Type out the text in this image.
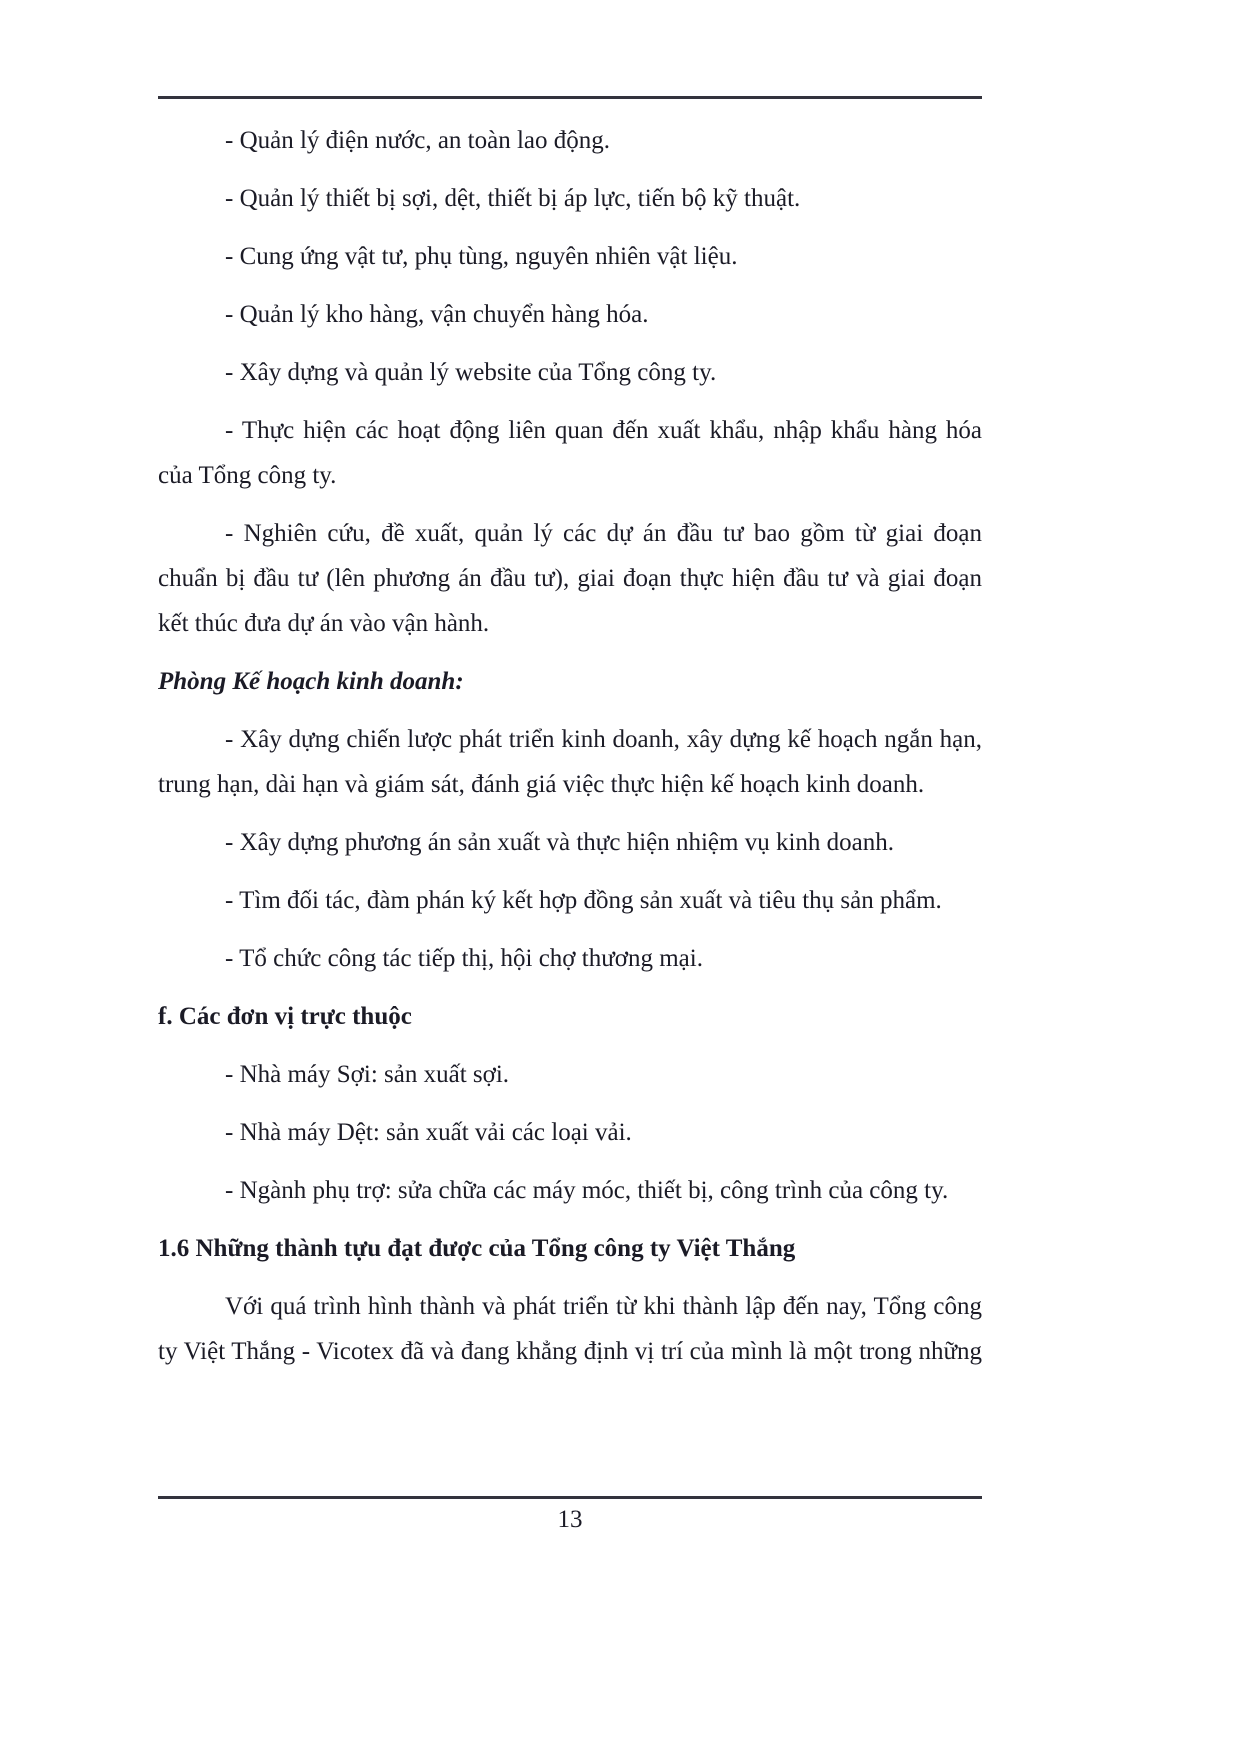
- Quản lý điện nước, an toàn lao động.

- Quản lý thiết bị sợi, dệt, thiết bị áp lực, tiến bộ kỹ thuật.

- Cung ứng vật tư, phụ tùng, nguyên nhiên vật liệu.

- Quản lý kho hàng, vận chuyển hàng hóa.

- Xây dựng và quản lý website của Tổng công ty.

- Thực hiện các hoạt động liên quan đến xuất khẩu, nhập khẩu hàng hóa của Tổng công ty.

- Nghiên cứu, đề xuất, quản lý các dự án đầu tư bao gồm từ giai đoạn chuẩn bị đầu tư (lên phương án đầu tư), giai đoạn thực hiện đầu tư và giai đoạn kết thúc đưa dự án vào vận hành.

Phòng Kế hoạch kinh doanh:

- Xây dựng chiến lược phát triển kinh doanh, xây dựng kế hoạch ngắn hạn, trung hạn, dài hạn và giám sát, đánh giá việc thực hiện kế hoạch kinh doanh.

- Xây dựng phương án sản xuất và thực hiện nhiệm vụ kinh doanh.

- Tìm đối tác, đàm phán ký kết hợp đồng sản xuất và tiêu thụ sản phẩm.

- Tổ chức công tác tiếp thị, hội chợ thương mại.

f. Các đơn vị trực thuộc

- Nhà máy Sợi: sản xuất sợi.

- Nhà máy Dệt: sản xuất vải các loại vải.

- Ngành phụ trợ: sửa chữa các máy móc, thiết bị, công trình của công ty.

1.6 Những thành tựu đạt được của Tổng công ty Việt Thắng

Với quá trình hình thành và phát triển từ khi thành lập đến nay, Tổng công ty Việt Thắng - Vicotex đã và đang khẳng định vị trí của mình là một trong những

13
